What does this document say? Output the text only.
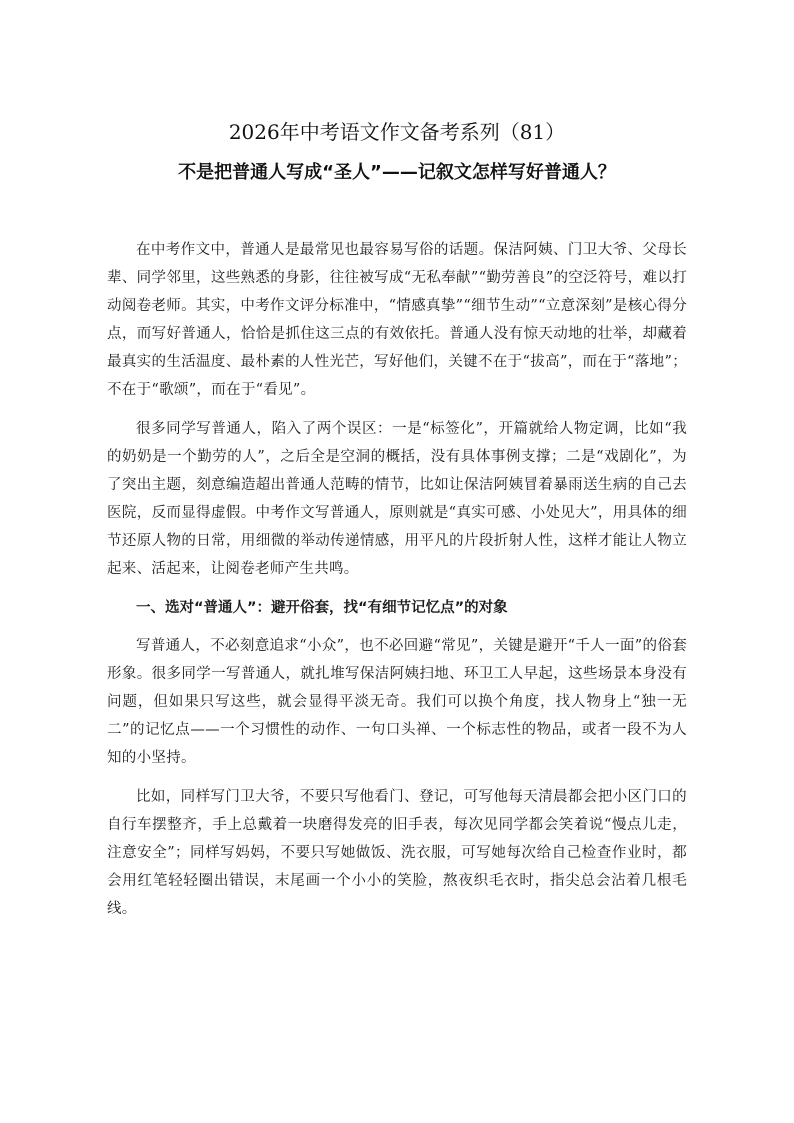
2026年中考语文作文备考系列（81）
不是把普通人写成“圣人”——记叙文怎样写好普通人？

在中考作文中，普通人是最常见也最容易写俗的话题。保洁阿姨、门卫大爷、父母长辈、同学邻里，这些熟悉的身影，往往被写成“无私奉献”“勤劳善良”的空泛符号，难以打动阅卷老师。其实，中考作文评分标准中，“情感真挚”“细节生动”“立意深刻”是核心得分点，而写好普通人，恰恰是抓住这三点的有效依托。普通人没有惊天动地的壮举，却藏着最真实的生活温度、最朴素的人性光芒，写好他们，关键不在于“拔高”，而在于“落地”；不在于“歌颂”，而在于“看见”。

很多同学写普通人，陷入了两个误区：一是“标签化”，开篇就给人物定调，比如“我的奶奶是一个勤劳的人”，之后全是空洞的概括，没有具体事例支撑；二是“戏剧化”，为了突出主题，刻意编造超出普通人范畴的情节，比如让保洁阿姨冒着暴雨送生病的自己去医院，反而显得虚假。中考作文写普通人，原则就是“真实可感、小处见大”，用具体的细节还原人物的日常，用细微的举动传递情感，用平凡的片段折射人性，这样才能让人物立起来、活起来，让阅卷老师产生共鸣。

一、选对“普通人”：避开俗套，找“有细节记忆点”的对象

写普通人，不必刻意追求“小众”，也不必回避“常见”，关键是避开“千人一面”的俗套形象。很多同学一写普通人，就扎堆写保洁阿姨扫地、环卫工人早起，这些场景本身没有问题，但如果只写这些，就会显得平淡无奇。我们可以换个角度，找人物身上“独一无二”的记忆点——一个习惯性的动作、一句口头禅、一个标志性的物品，或者一段不为人知的小坚持。

比如，同样写门卫大爷，不要只写他看门、登记，可写他每天清晨都会把小区门口的自行车摆整齐，手上总戴着一块磨得发亮的旧手表，每次见同学都会笑着说“慢点儿走，注意安全”；同样写妈妈，不要只写她做饭、洗衣服，可写她每次给自己检查作业时，都会用红笔轻轻圈出错误，末尾画一个小小的笑脸，熬夜织毛衣时，指尖总会沾着几根毛线。
